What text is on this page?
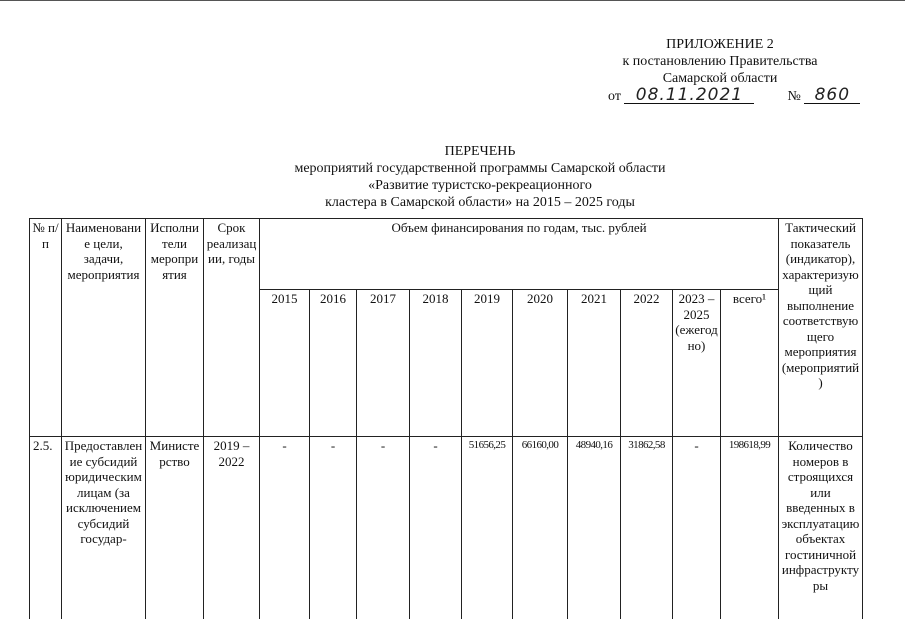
ПРИЛОЖЕНИЕ 2
к постановлению Правительства
Самарской области
от 08.11.2021	№ 860
ПЕРЕЧЕНЬ
мероприятий государственной программы Самарской области
«Развитие туристско-рекреационного
кластера в Самарской области» на 2015 – 2025 годы
№ п/п	Наименование цели, задачи, мероприятия	Исполнители мероприятия	Срок реализации, годы	Объем финансирования по годам, тыс. рублей										Тактический показатель (индикатор), характеризующий выполнение соответствующего мероприятия (мероприятий)
				2015	2016	2017	2018	2019	2020	2021	2022	2023 – 2025 (ежегодно)	всего¹	
2.5.	Предоставление субсидий юридическим лицам (за исключением субсидий государ-	Министерство	2019 – 2022	-	-	-	-	51656,25	66160,00	48940,16	31862,58	-	198618,99	Количество номеров в строящихся или введенных в эксплуатацию объектах гостиничной инфраструктуры
